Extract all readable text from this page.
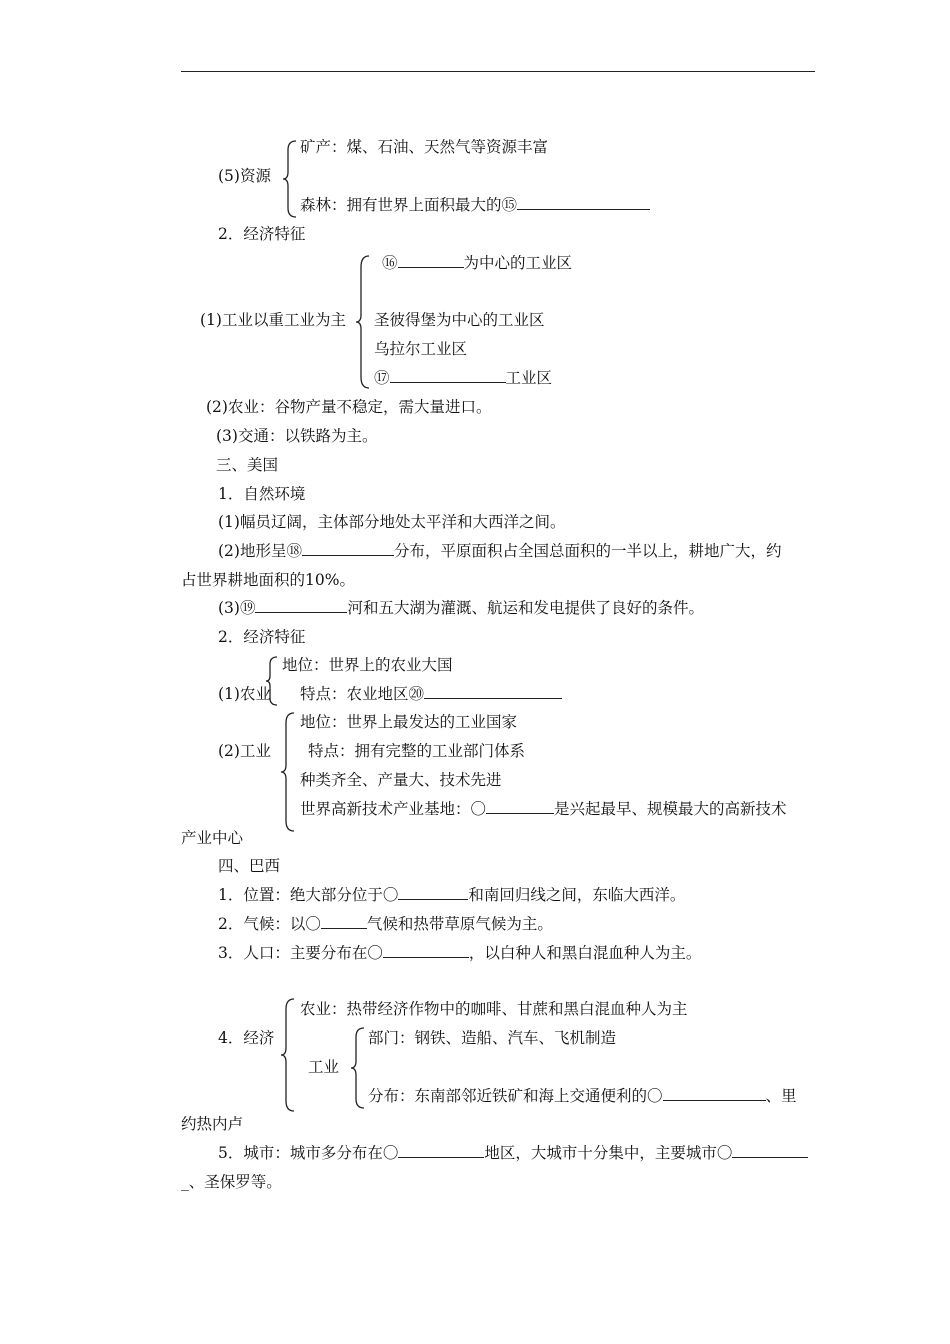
(5)资源
矿产：煤、石油、天然气等资源丰富
森林：拥有世界上面积最大的⑮
2．经济特征
(1)工业以重工业为主
⑯	为中心的工业区
圣彼得堡为中心的工业区
乌拉尔工业区
⑰	工业区
(2)农业：谷物产量不稳定，需大量进口。
(3)交通：以铁路为主。
三、美国
1．自然环境
(1)幅员辽阔，主体部分地处太平洋和大西洋之间。
(2)地形呈⑱	分布，平原面积占全国总面积的一半以上，耕地广大，约
占世界耕地面积的10%。
(3)⑲	河和五大湖为灌溉、航运和发电提供了良好的条件。
2．经济特征
(1)农业
地位：世界上的农业大国
特点：农业地区⑳
(2)工业
地位：世界上最发达的工业国家
特点：拥有完整的工业部门体系
种类齐全、产量大、技术先进
世界高新技术产业基地：〇	是兴起最早、规模最大的高新技术
产业中心
四、巴西
1．位置：绝大部分位于〇	和南回归线之间，东临大西洋。
2．气候：以〇	气候和热带草原气候为主。
3．人口：主要分布在〇	，以白种人和黑白混血种人为主。
4．经济
农业：热带经济作物中的咖啡、甘蔗和黑白混血种人为主
工业
部门：钢铁、造船、汽车、飞机制造
分布：东南部邻近铁矿和海上交通便利的〇	、里
约热内卢
5．城市：城市多分布在〇	地区，大城市十分集中，主要城市〇
_、圣保罗等。
